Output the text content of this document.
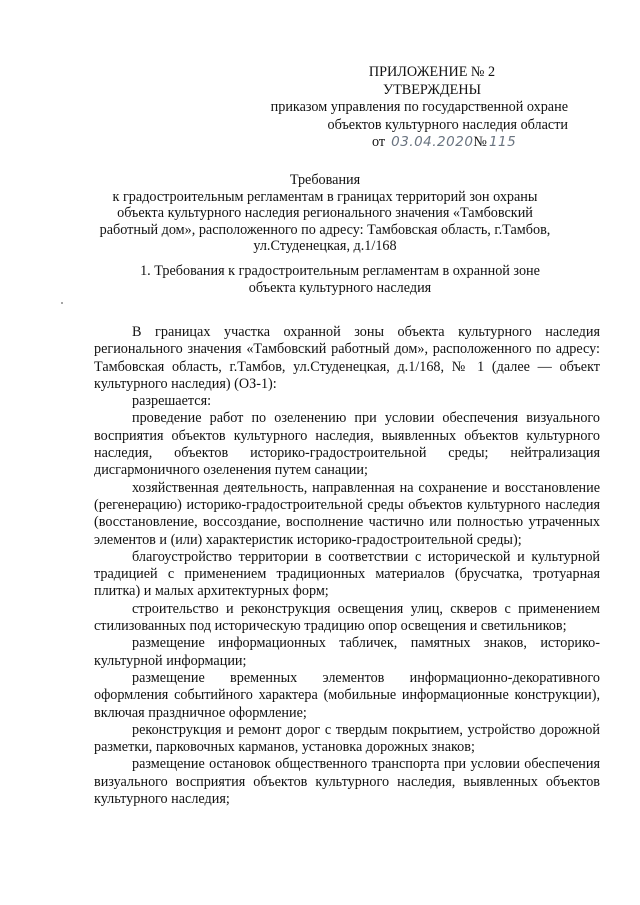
ПРИЛОЖЕНИЕ № 2
УТВЕРЖДЕНЫ
приказом управления по государственной охране
объектов культурного наследия области
от 03.04.2020№ 115
Требования
к градостроительным регламентам в границах территорий зон охраны
объекта культурного наследия регионального значения «Тамбовский
работный дом», расположенного по адресу: Тамбовская область, г.Тамбов,
ул.Студенецкая, д.1/168
1. Требования к градостроительным регламентам в охранной зоне
объекта культурного наследия

В границах участка охранной зоны объекта культурного наследия регионального значения «Тамбовский работный дом», расположенного по адресу: Тамбовская область, г.Тамбов, ул.Студенецкая, д.1/168, № 1 (далее — объект культурного наследия) (ОЗ-1):

разрешается:

проведение работ по озеленению при условии обеспечения визуального восприятия объектов культурного наследия, выявленных объектов культурного наследия, объектов историко-градостроительной среды; нейтрализация дисгармоничного озеленения путем санации;

хозяйственная деятельность, направленная на сохранение и восстановление (регенерацию) историко-градостроительной среды объектов культурного наследия (восстановление, воссоздание, восполнение частично или полностью утраченных элементов и (или) характеристик историко-градостроительной среды);

благоустройство территории в соответствии с исторической и культурной традицией с применением традиционных материалов (брусчатка, тротуарная плитка) и малых архитектурных форм;

строительство и реконструкция освещения улиц, скверов с применением стилизованных под историческую традицию опор освещения и светильников;

размещение информационных табличек, памятных знаков, историко-культурной информации;

размещение временных элементов информационно-декоративного оформления событийного характера (мобильные информационные конструкции), включая праздничное оформление;

реконструкция и ремонт дорог с твердым покрытием, устройство дорожной разметки, парковочных карманов, установка дорожных знаков;

размещение остановок общественного транспорта при условии обеспечения визуального восприятия объектов культурного наследия, выявленных объектов культурного наследия;
